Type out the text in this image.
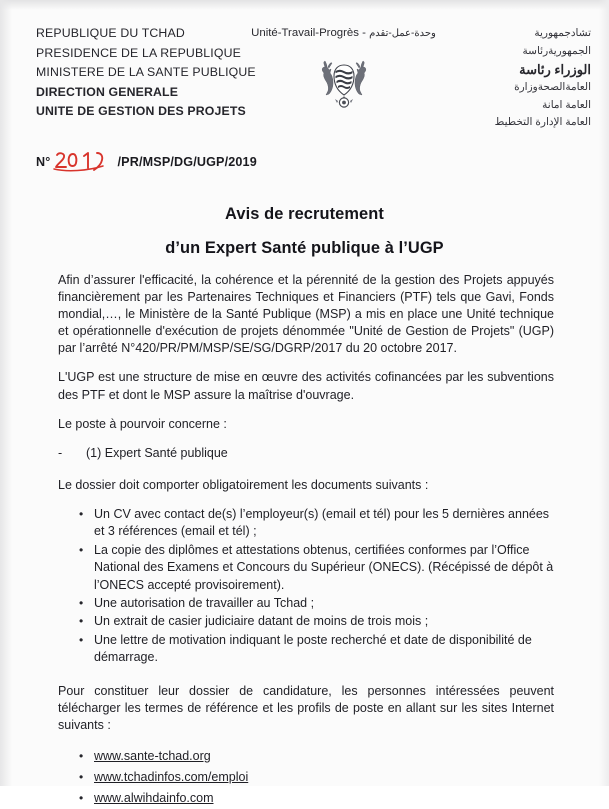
REPUBLIQUE DU TCHAD
PRESIDENCE DE LA REPUBLIQUE
MINISTERE DE LA SANTE PUBLIQUE
DIRECTION GENERALE
UNITE DE GESTION DES PROJETS
Unité-Travail-Progrès - وحدة-عمل-تقدم	تشادجمهورية
الجمهوريةرئاسة
الوزراء رئاسة
العامةالصحةوزارة
العامة امانة
العامة الإدارة التخطيط
N°	/PR/MSP/DG/UGP/2019
Avis de recrutement
d’un Expert Santé publique à l’UGP

Afin d’assurer l'efficacité, la cohérence et la pérennité de la gestion des Projets appuyés financièrement par les Partenaires Techniques et Financiers (PTF) tels que Gavi, Fonds mondial,…, le Ministère de la Santé Publique (MSP) a mis en place une Unité technique et opérationnelle d'exécution de projets dénommée "Unité de Gestion de Projets" (UGP) par l’arrêté N°420/PR/PM/MSP/SE/SG/DGRP/2017 du 20 octobre 2017.

L'UGP est une structure de mise en œuvre des activités cofinancées par les subventions des PTF et dont le MSP assure la maîtrise d'ouvrage.

Le poste à pourvoir concerne :

- (1) Expert Santé publique

Le dossier doit comporter obligatoirement les documents suivants :

• Un CV avec contact de(s) l’employeur(s) (email et tél) pour les 5 dernières années et 3 références (email et tél) ;
• La copie des diplômes et attestations obtenus, certifiées conformes par l’Office National des Examens et Concours du Supérieur (ONECS). (Récépissé de dépôt à l’ONECS accepté provisoirement).
• Une autorisation de travailler au Tchad ;
• Un extrait de casier judiciaire datant de moins de trois mois ;
• Une lettre de motivation indiquant le poste recherché et date de disponibilité de démarrage.

Pour constituer leur dossier de candidature, les personnes intéressées peuvent télécharger les termes de référence et les profils de poste en allant sur les sites Internet suivants :

• www.sante-tchad.org
• www.tchadinfos.com/emploi
• www.alwihdainfo.com
